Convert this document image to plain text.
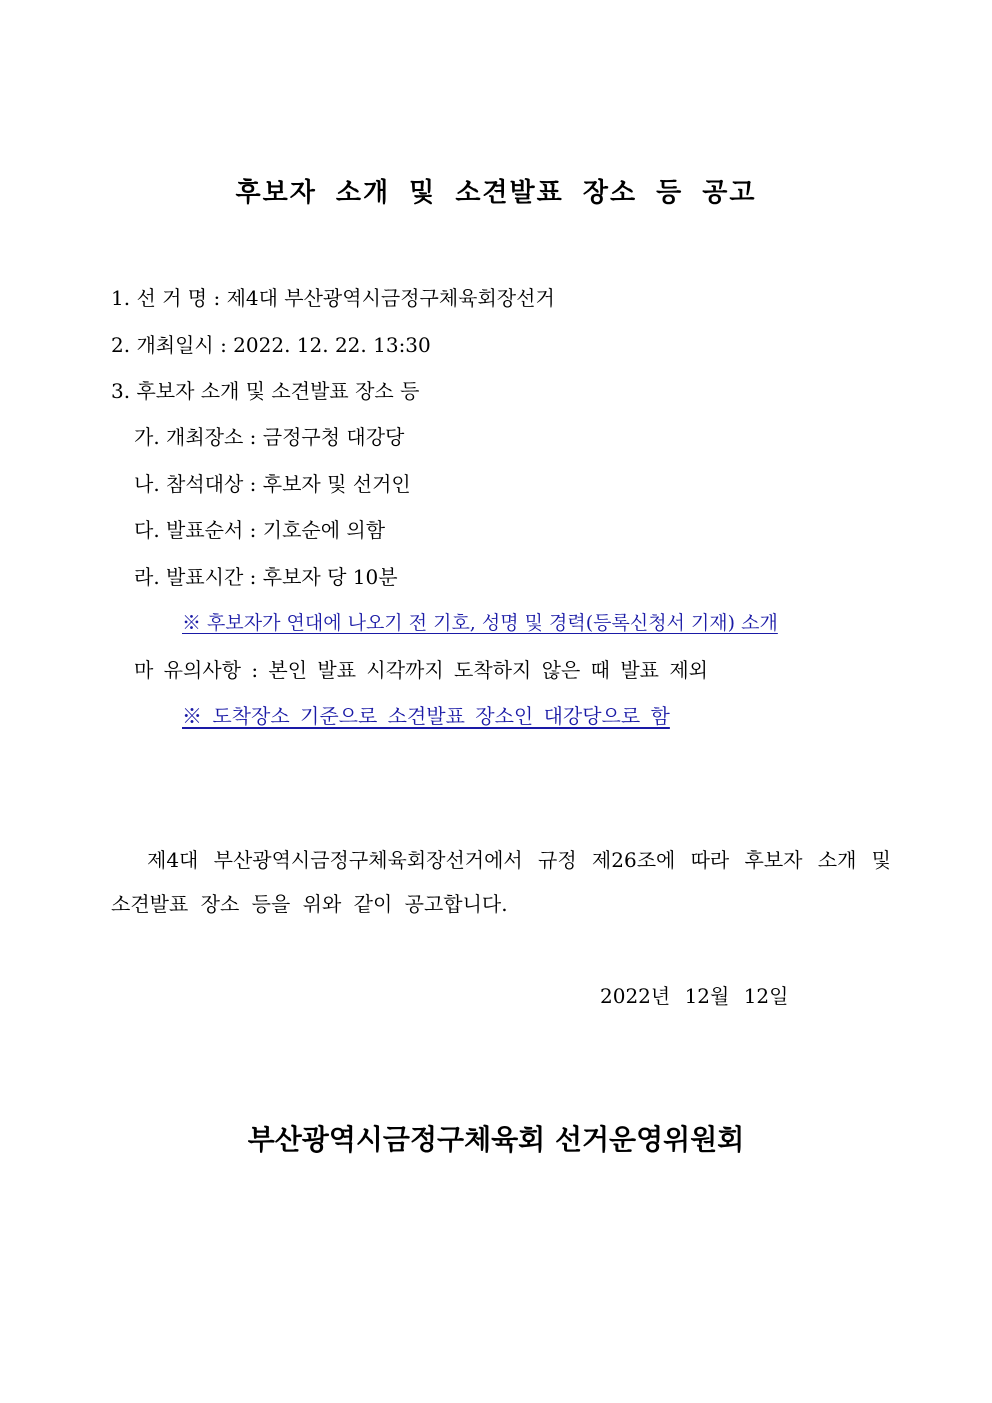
후보자 소개 및 소견발표 장소 등 공고
1. 선 거 명 : 제4대 부산광역시금정구체육회장선거
2. 개최일시 : 2022. 12. 22. 13:30
3. 후보자 소개 및 소견발표 장소 등
가. 개최장소 : 금정구청 대강당
나. 참석대상 : 후보자 및 선거인
다. 발표순서 : 기호순에 의함
라. 발표시간 : 후보자 당 10분
※ 후보자가 연대에 나오기 전 기호, 성명 및 경력(등록신청서 기재) 소개
마 유의사항 : 본인 발표 시각까지 도착하지 않은 때 발표 제외
※ 도착장소 기준으로 소견발표 장소인 대강당으로 함
제4대 부산광역시금정구체육회장선거에서 규정 제26조에 따라 후보자 소개 및 소견발표 장소 등을 위와 같이 공고합니다.
2022년 12월 12일
부산광역시금정구체육회 선거운영위원회
